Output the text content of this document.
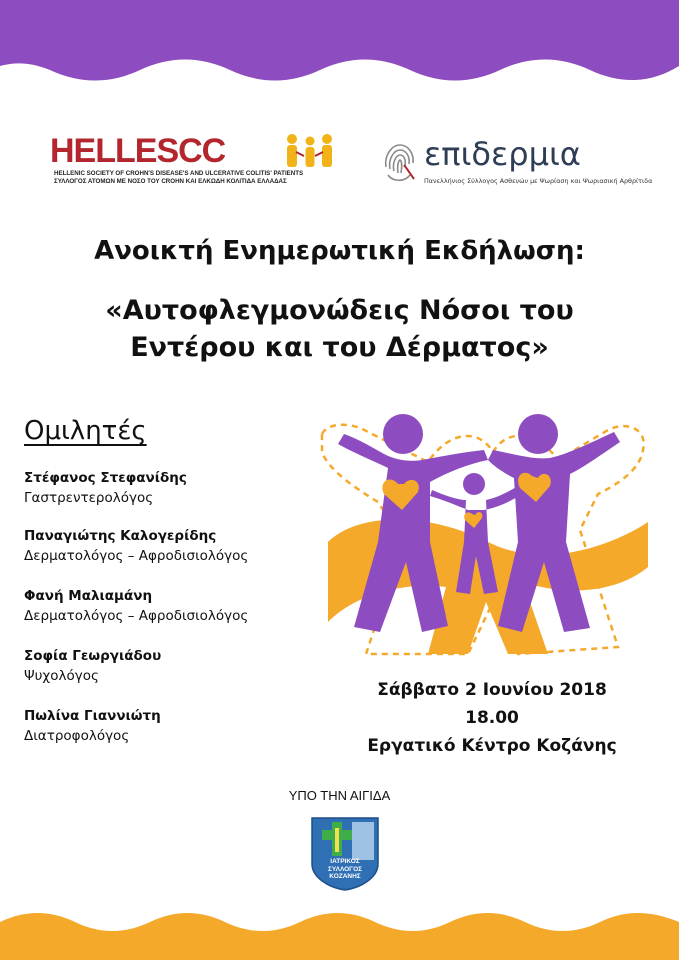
HELLESCC
HELLENIC SOCIETY OF CROHN'S DISEASE'S AND ULCERATIVE COLITIS' PATIENTS
ΣΥΛΛΟΓΟΣ ΑΤΟΜΩΝ ΜΕ ΝΟΣΟ ΤΟΥ CROHN ΚΑΙ ΕΛΚΩΔΗ ΚΟΛΙΤΙΔΑ ΕΛΛΑΔΑΣ
επιδερμια
Πανελλήνιος Σύλλογος Ασθενών με Ψωρίαση και Ψωριασική Αρθρίτιδα
Ανοικτή Ενημερωτική Εκδήλωση:
«Αυτοφλεγμονώδεις Νόσοι του
Εντέρου και του Δέρματος»
Ομιλητές
Στέφανος Στεφανίδης
Γαστρεντερολόγος
Παναγιώτης Καλογερίδης
Δερματολόγος – Αφροδισιολόγος
Φανή Μαλιαμάνη
Δερματολόγος – Αφροδισιολόγος
Σοφία Γεωργιάδου
Ψυχολόγος
Πωλίνα Γιαννιώτη
Διατροφολόγος
Σάββατο 2 Ιουνίου 2018
18.00
Εργατικό Κέντρο Κοζάνης
ΥΠΟ ΤΗΝ ΑΙΓΙΔΑ
ΙΑΤΡΙΚΟΣ
ΣΥΛΛΟΓΟΣ
ΚΟΖΑΝΗΣ
